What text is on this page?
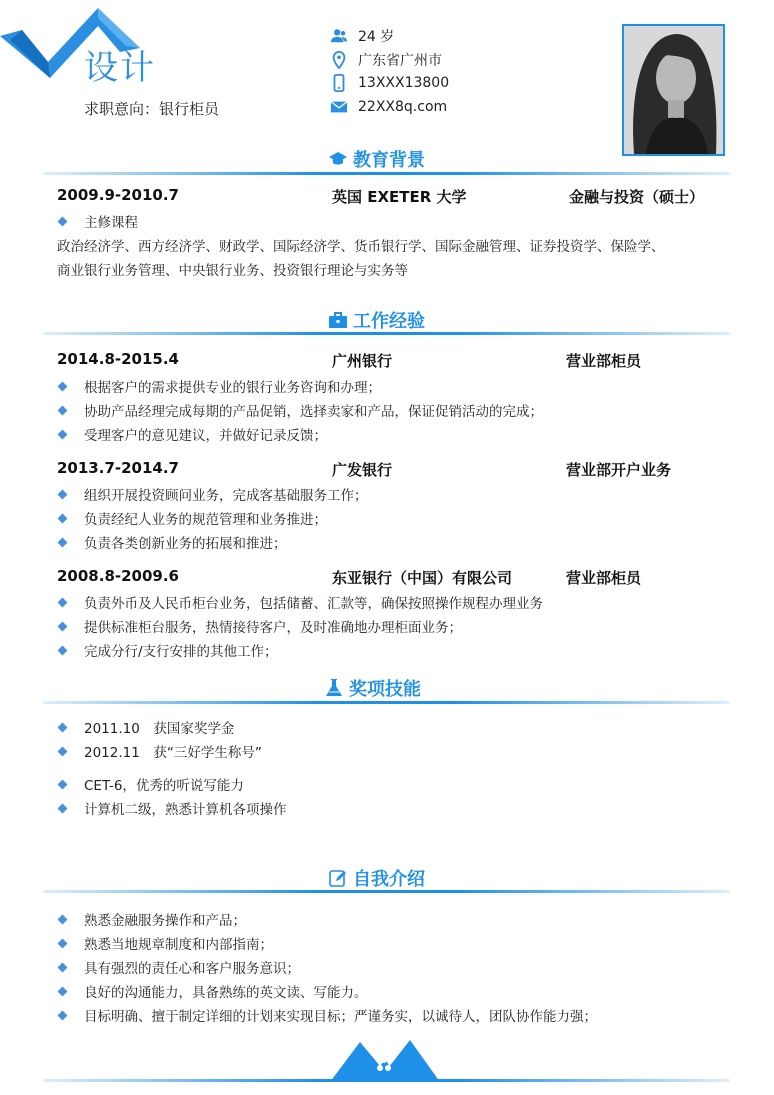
设计
求职意向：银行柜员
24 岁
广东省广州市
13XXX13800
22XX8q.com
教育背景
2009.9-2010.7	英国 EXETER 大学	金融与投资（硕士）
主修课程
政治经济学、西方经济学、财政学、国际经济学、货币银行学、国际金融管理、证券投资学、保险学、
商业银行业务管理、中央银行业务、投资银行理论与实务等
工作经验
2014.8-2015.4	广州银行	营业部柜员
根据客户的需求提供专业的银行业务咨询和办理；
协助产品经理完成每期的产品促销，选择卖家和产品，保证促销活动的完成；
受理客户的意见建议，并做好记录反馈；
2013.7-2014.7	广发银行	营业部开户业务
组织开展投资顾问业务，完成客基础服务工作；
负责经纪人业务的规范管理和业务推进；
负责各类创新业务的拓展和推进；
2008.8-2009.6	东亚银行（中国）有限公司	营业部柜员
负责外币及人民币柜台业务，包括储蓄、汇款等，确保按照操作规程办理业务
提供标准柜台服务，热情接待客户，及时准确地办理柜面业务；
完成分行/支行安排的其他工作；
奖项技能
2011.10　获国家奖学金
2012.11　获“三好学生称号”
CET-6，优秀的听说写能力
计算机二级，熟悉计算机各项操作
自我介绍
熟悉金融服务操作和产品；
熟悉当地规章制度和内部指南；
具有强烈的责任心和客户服务意识；
良好的沟通能力，具备熟练的英文读、写能力。
目标明确、擅于制定详细的计划来实现目标；严谨务实，以诚待人，团队协作能力强；
